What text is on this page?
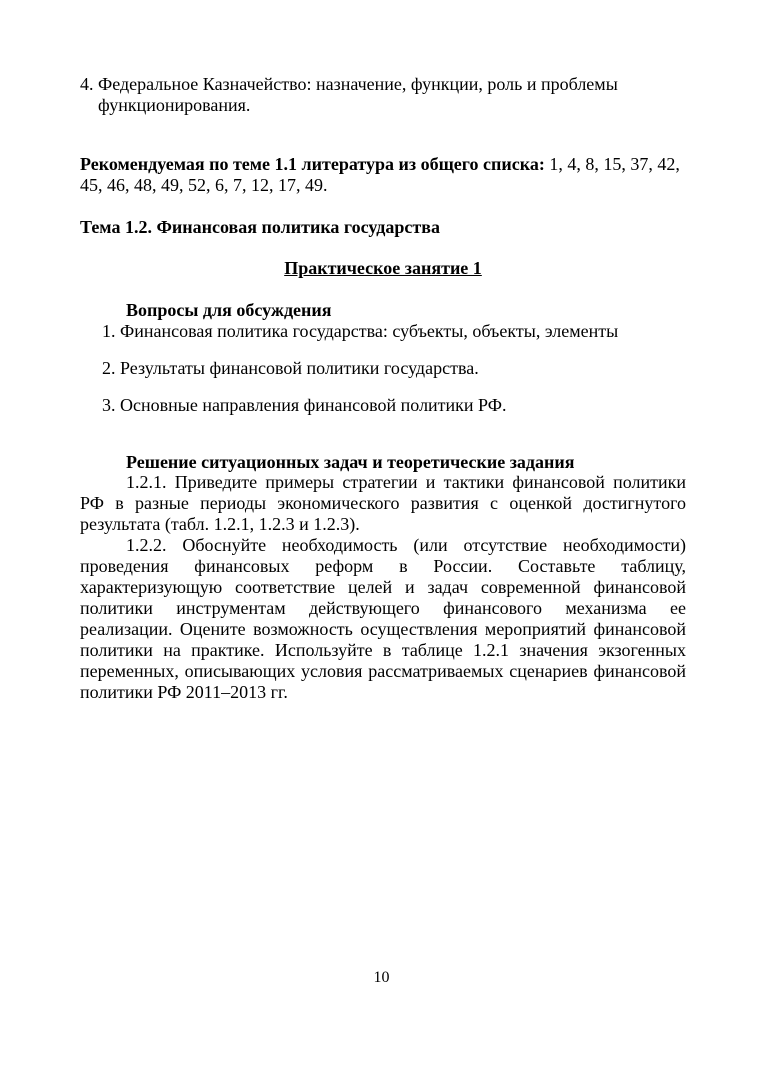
4.
Федеральное Казначейство: назначение, функции, роль и проблемы
функционирования.
Рекомендуемая по теме 1.1 литература из общего списка: 1, 4, 8, 15, 37, 42,
45, 46, 48, 49, 52, 6, 7, 12, 17, 49.
Тема 1.2. Финансовая политика государства
Практическое занятие 1
Вопросы для обсуждения
1.
Финансовая политика государства: субъекты, объекты, элементы
2.
Результаты финансовой политики государства.
3.
Основные направления финансовой политики РФ.
Решение ситуационных задач и теоретические задания
1.2.1. Приведите примеры стратегии и тактики финансовой политики
РФ в разные периоды экономического развития с оценкой достигнутого
результата (табл. 1.2.1, 1.2.3 и 1.2.3).
1.2.2. Обоснуйте необходимость (или отсутствие необходимости)
проведения финансовых реформ в России. Составьте таблицу,
характеризующую соответствие целей и задач современной финансовой
политики инструментам действующего финансового механизма ее
реализации. Оцените возможность осуществления мероприятий финансовой
политики на практике. Используйте в таблице 1.2.1 значения экзогенных
переменных, описывающих условия рассматриваемых сценариев финансовой
политики РФ 2011–2013 гг.
10
